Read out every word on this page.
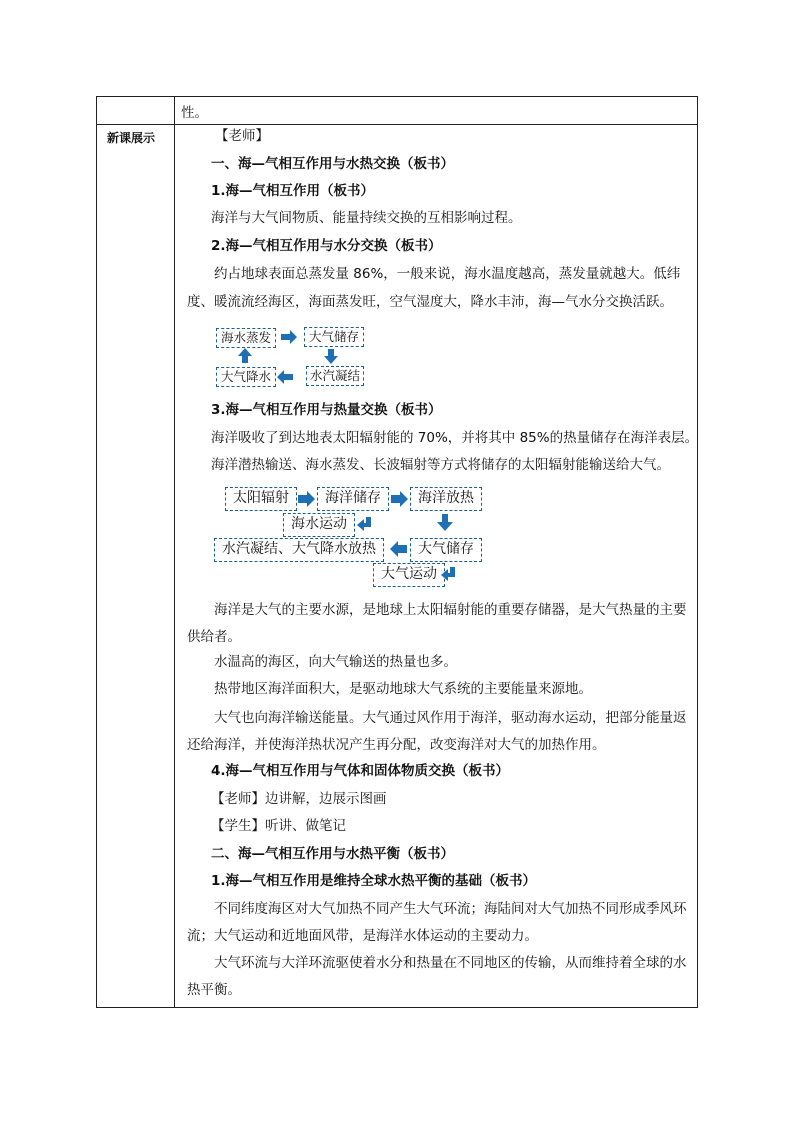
性。
新课展示	【老师】
一、海—气相互作用与水热交换（板书）
1.海—气相互作用（板书）
海洋与大气间物质、能量持续交换的互相影响过程。
2.海—气相互作用与水分交换（板书）
约占地球表面总蒸发量 86%，一般来说，海水温度越高，蒸发量就越大。低纬度、暖流流经海区，海面蒸发旺，空气湿度大，降水丰沛，海—气水分交换活跃。
海水蒸发	大气储存
水汽凝结
大气降水
3.海—气相互作用与热量交换（板书）
海洋吸收了到达地表太阳辐射能的 70%，并将其中 85%的热量储存在海洋表层。
海洋潜热输送、海水蒸发、长波辐射等方式将储存的太阳辐射能输送给大气。
太阳辐射	海洋储存	海洋放热
海水运动
大气储存
水汽凝结、大气降水放热
大气运动
海洋是大气的主要水源，是地球上太阳辐射能的重要存储器，是大气热量的主要供给者。
水温高的海区，向大气输送的热量也多。
热带地区海洋面积大，是驱动地球大气系统的主要能量来源地。
大气也向海洋输送能量。大气通过风作用于海洋，驱动海水运动，把部分能量返还给海洋，并使海洋热状况产生再分配，改变海洋对大气的加热作用。
4.海—气相互作用与气体和固体物质交换（板书）
【老师】边讲解，边展示图画
【学生】听讲、做笔记
二、海—气相互作用与水热平衡（板书）
1.海—气相互作用是维持全球水热平衡的基础（板书）
不同纬度海区对大气加热不同产生大气环流；海陆间对大气加热不同形成季风环流；大气运动和近地面风带，是海洋水体运动的主要动力。
大气环流与大洋环流驱使着水分和热量在不同地区的传输，从而维持着全球的水热平衡。
